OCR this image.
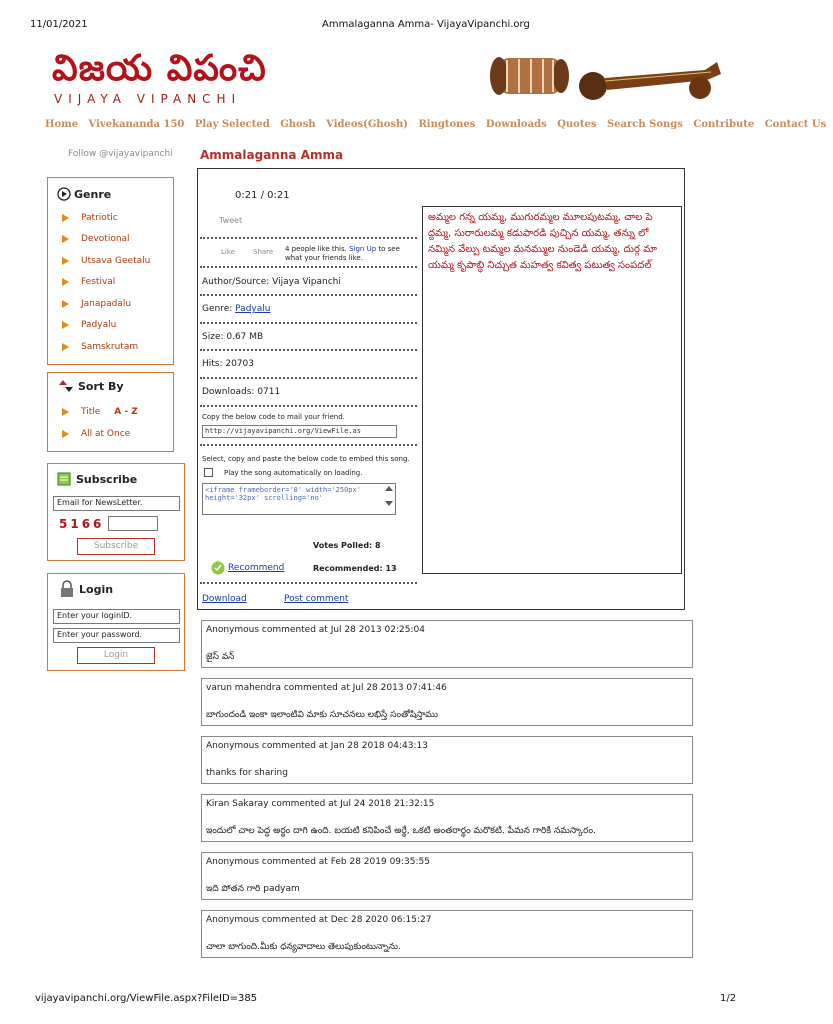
11/01/2021	Ammalaganna Amma- VijayaVipanchi.org
విజయ విపంచి
VIJAYA VIPANCHI
Home Vivekananda 150 Play Selected Ghosh Videos(Ghosh) Ringtones Downloads Quotes Search Songs Contribute Contact Us
Follow @vijayavipanchi Ammalaganna Amma
Genre
Patriotic
Devotional
Utsava Geetalu
Festival
Janapadalu
Padyalu
Samskrutam
Sort By
Title A - Z
All at Once
Subscribe
Email for NewsLetter.
5166
Subscribe
Login
Enter your loginID.
Enter your password.
Login
0:21 / 0:21
Tweet
Like	Share 4 people like this. Sign Up to see what your friends like.
Author/Source: Vijaya Vipanchi
Genre: Padyalu
Size: 0.67 MB
Hits: 20703
Downloads: 0711
Copy the below code to mail your friend.
http://vijayavipanchi.org/ViewFile.as
Select, copy and paste the below code to embed this song.
Play the song automatically on loading.
<iframe frameborder='0' width='250px' height='32px' scrolling='no'
Votes Polled: 8
Recommend	Recommended: 13
Download	Post comment
అమ్మల గన్న యమ్మ, ముగురమ్మల మూలపుటమ్మ, చాల పె ద్దమ్మ, సురారులమ్మ కడుపారడి పుచ్చిన యమ్మ, తన్ను లో నమ్మిన వేల్పు టమ్మల మనమ్ముల నుండెడి యమ్మ, దుర్గ మా యమ్మ కృపాబ్ధి నిచ్చుత మహత్వ కవిత్వ పటుత్వ సంపదల్
Anonymous commented at Jul 28 2013 02:25:04
జైస్ వన్
varun mahendra commented at Jul 28 2013 07:41:46
బాగుందండి ఇంకా ఇలాంటివి మాకు సూచనలు లభిస్తే సంతోషిస్తాము
Anonymous commented at Jan 28 2018 04:43:13
thanks for sharing
Kiran Sakaray commented at Jul 24 2018 21:32:15
ఇందులో చాల పెద్ద అర్థం దాగి ఉంది. బయటి కనిపించే అర్థే, ఒకటి అంతరార్థం మరొకటి. పేమన గారికి నమస్కారం.
Anonymous commented at Feb 28 2019 09:35:55
ఇది పోతన గారి padyam
Anonymous commented at Dec 28 2020 06:15:27
చాలా బాగుంది.మీకు ధన్యవాదాలు తెలుపుకుంటున్నాను.
vijayavipanchi.org/ViewFile.aspx?FileID=385	1/2
